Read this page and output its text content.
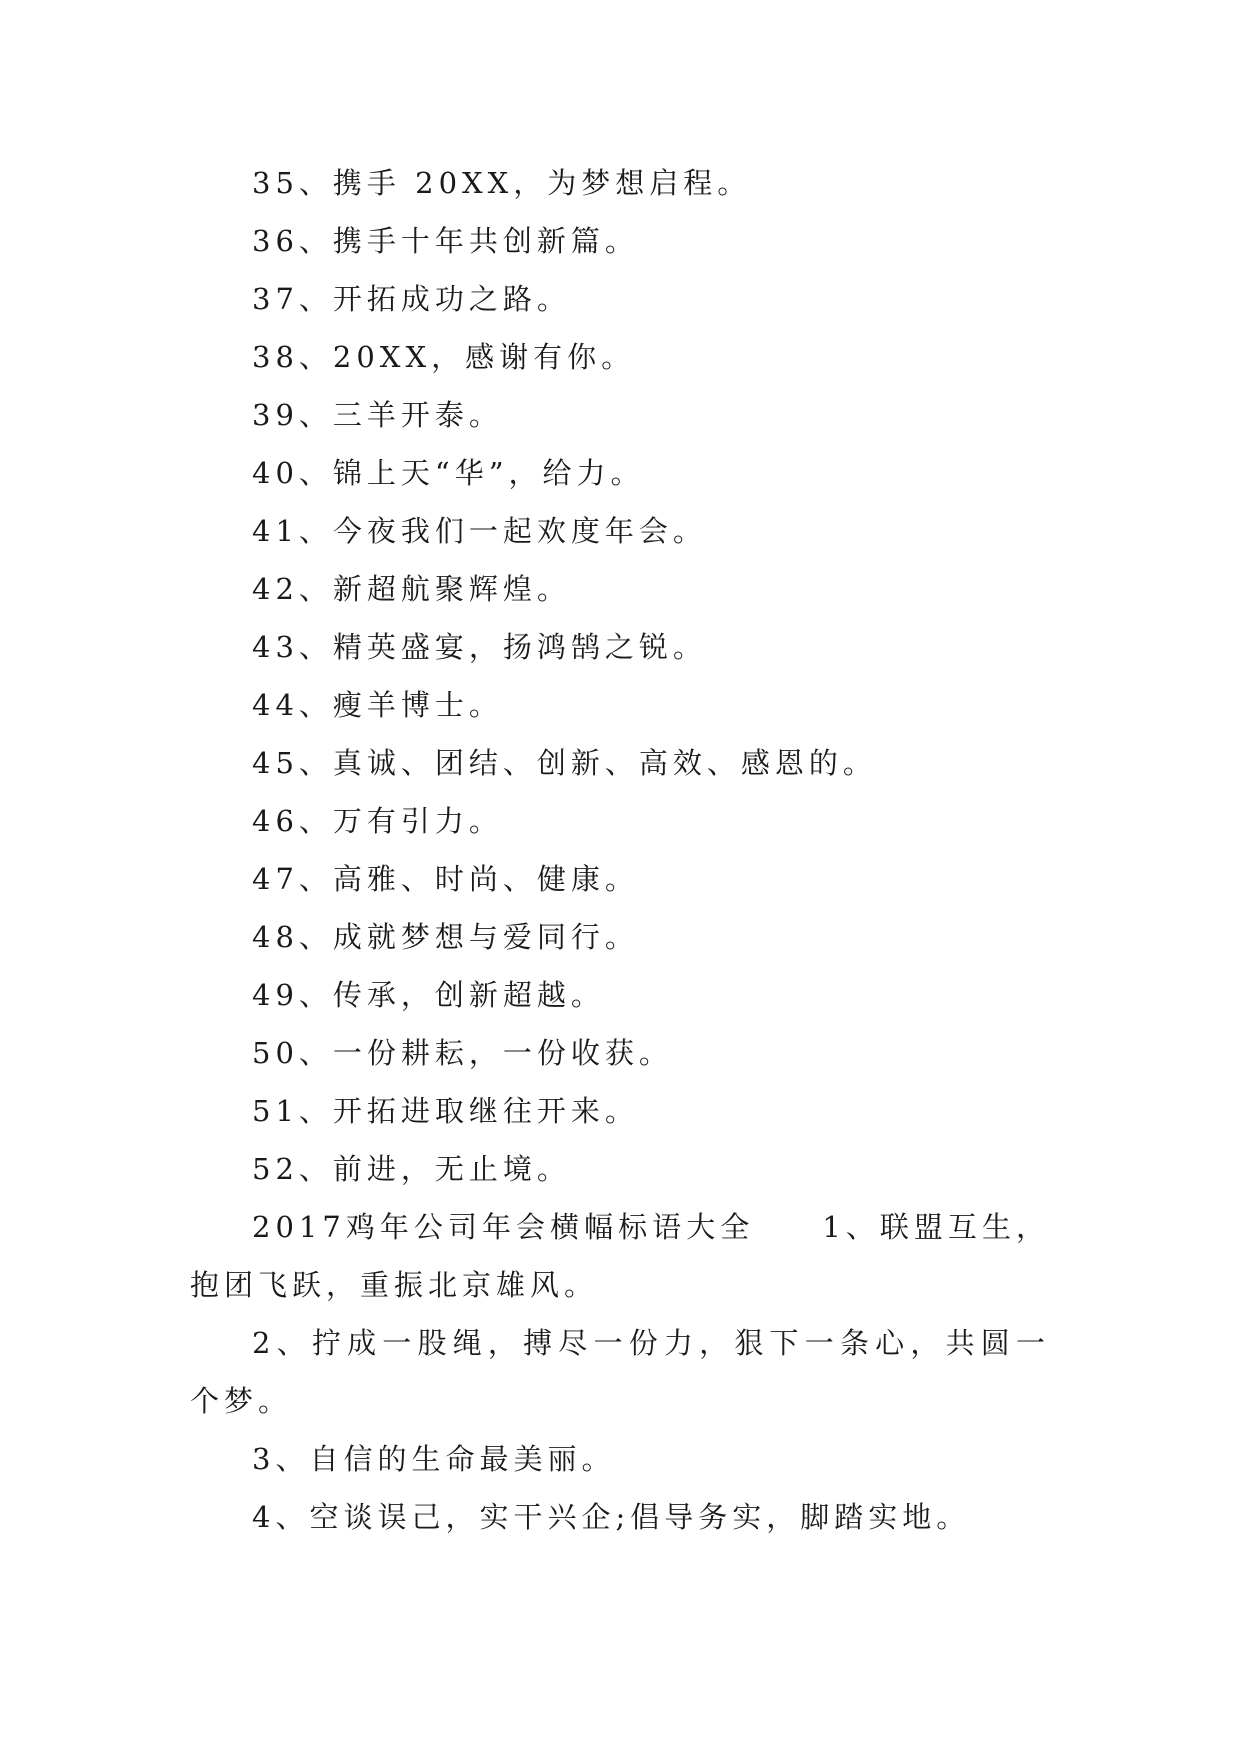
35、携手 20XX，为梦想启程。
36、携手十年共创新篇。
37、开拓成功之路。
38、20XX，感谢有你。
39、三羊开泰。
40、锦上天“华”，给力。
41、今夜我们一起欢度年会。
42、新超航聚辉煌。
43、精英盛宴，扬鸿鹄之锐。
44、瘦羊博士。
45、真诚、团结、创新、高效、感恩的。
46、万有引力。
47、高雅、时尚、健康。
48、成就梦想与爱同行。
49、传承，创新超越。
50、一份耕耘，一份收获。
51、开拓进取继往开来。
52、前进，无止境。
2017鸡年公司年会横幅标语大全　　1、联盟互生，抱团飞跃，重振北京雄风。
2、拧成一股绳，搏尽一份力，狠下一条心，共圆一个梦。
3、自信的生命最美丽。
4、空谈误己，实干兴企;倡导务实，脚踏实地。
